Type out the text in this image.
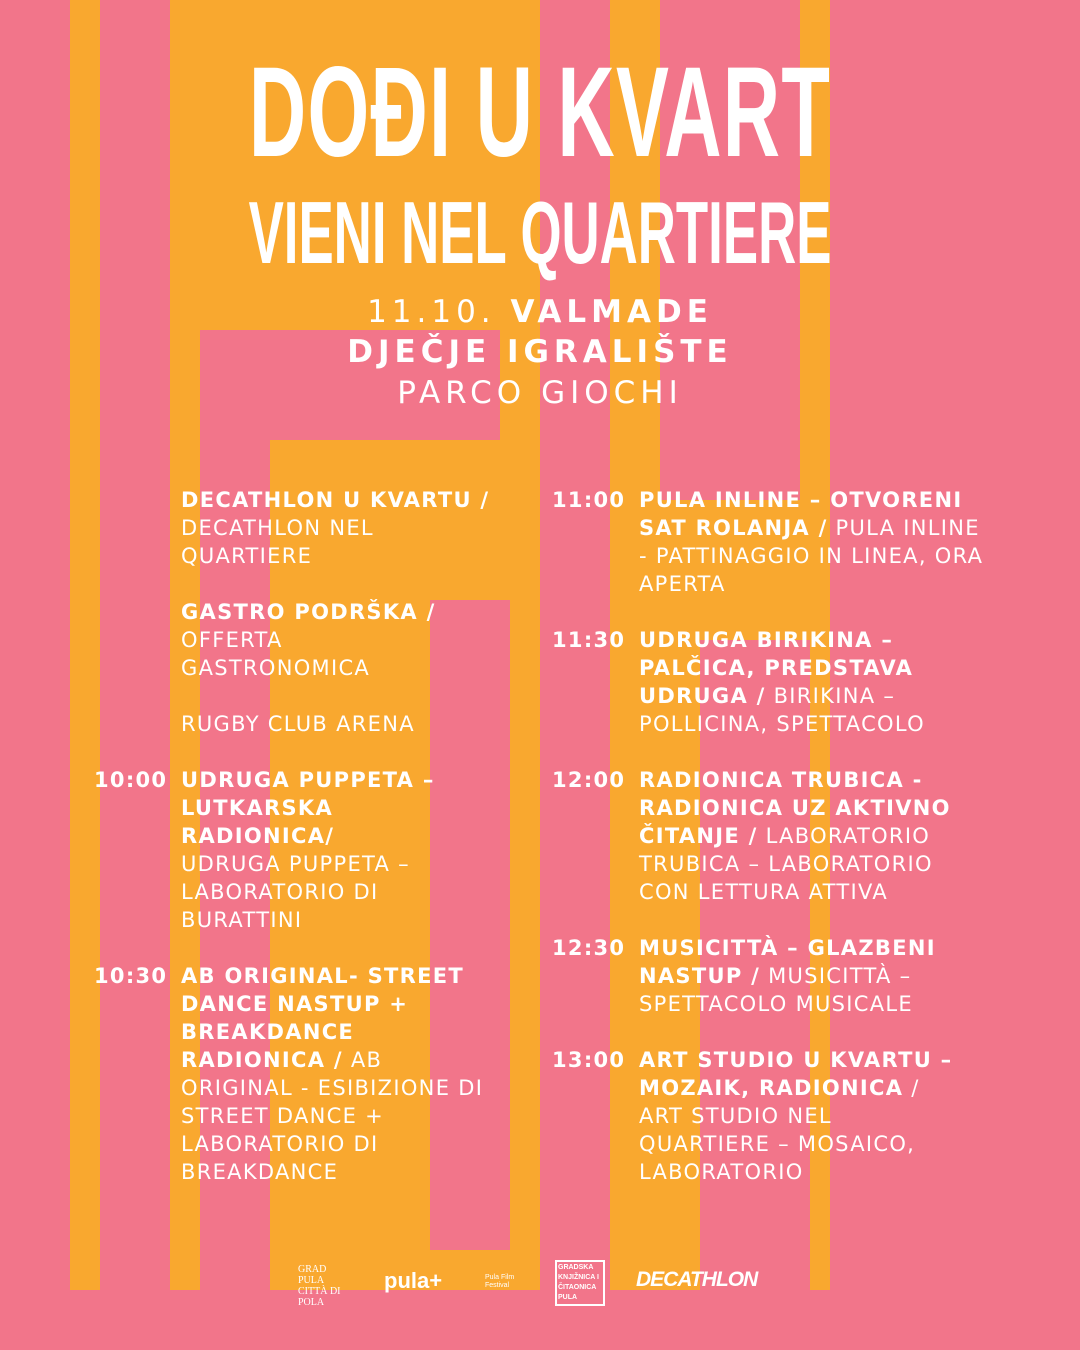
DOĐI U KVART
VIENI NEL QUARTIERE
11.10. VALMADE
DJEČJE IGRALIŠTE
PARCO GIOCHI
DECATHLON U KVARTU / DECATHLON NEL QUARTIERE
GASTRO PODRŠKA / OFFERTA GASTRONOMICA
RUGBY CLUB ARENA
10:00 UDRUGA PUPPETA – LUTKARSKA RADIONICA/ UDRUGA PUPPETA – LABORATORIO DI BURATTINI
10:30 AB ORIGINAL- STREET DANCE NASTUP + BREAKDANCE RADIONICA / AB ORIGINAL - ESIBIZIONE DI STREET DANCE + LABORATORIO DI BREAKDANCE
11:00 PULA INLINE – OTVORENI SAT ROLANJA / PULA INLINE - PATTINAGGIO IN LINEA, ORA APERTA
11:30 UDRUGA BIRIKINA – PALČICA, PREDSTAVA UDRUGA / BIRIKINA – POLLICINA, SPETTACOLO
12:00 RADIONICA TRUBICA - RADIONICA UZ AKTIVNO ČITANJE / LABORATORIO TRUBICA – LABORATORIO CON LETTURA ATTIVA
12:30 MUSICITTÀ – GLAZBENI NASTUP / MUSICITTÀ – SPETTACOLO MUSICALE
13:00 ART STUDIO U KVARTU – MOZAIK, RADIONICA / ART STUDIO NEL QUARTIERE – MOSAICO, LABORATORIO
GRAD PULA CITTÀ DI POLA
pula+	Pula Film Festival
GRADSKA KNJIŽNICA I ČITAONICA PULA
DECATHLON
